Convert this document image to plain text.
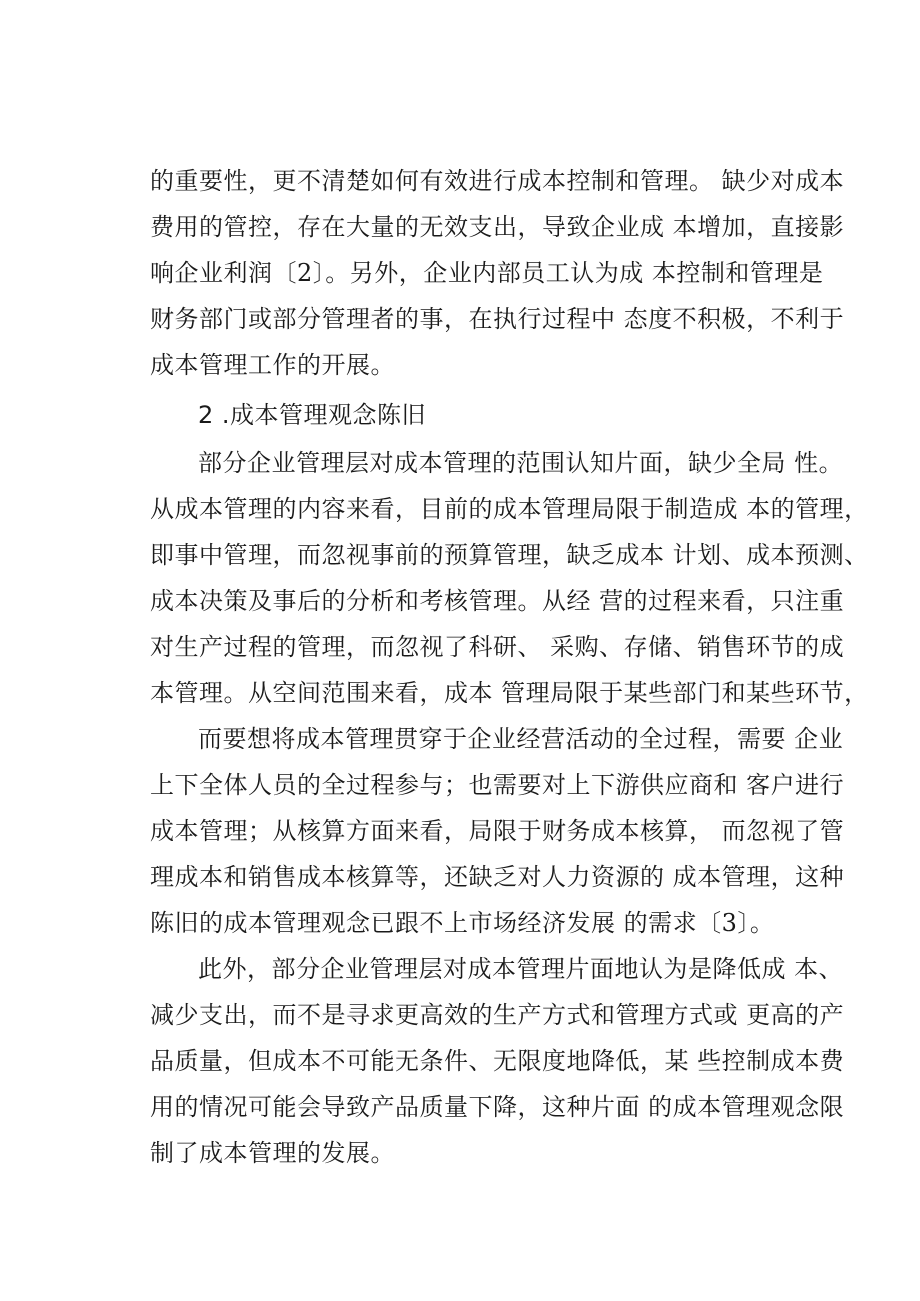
的重要性，更不清楚如何有效进行成本控制和管理。 缺少对成本
费用的管控，存在大量的无效支出，导致企业成 本增加，直接影
响企业利润〔2〕。另外，企业内部员工认为成 本控制和管理是
财务部门或部分管理者的事，在执行过程中 态度不积极，不利于
成本管理工作的开展。
2 .成本管理观念陈旧
部分企业管理层对成本管理的范围认知片面，缺少全局 性。
从成本管理的内容来看，目前的成本管理局限于制造成 本的管理，
即事中管理，而忽视事前的预算管理，缺乏成本 计划、成本预测、
成本决策及事后的分析和考核管理。从经 营的过程来看，只注重
对生产过程的管理，而忽视了科研、 采购、存储、销售环节的成
本管理。从空间范围来看，成本 管理局限于某些部门和某些环节，
而要想将成本管理贯穿于企业经营活动的全过程，需要 企业
上下全体人员的全过程参与；也需要对上下游供应商和 客户进行
成本管理；从核算方面来看，局限于财务成本核算， 而忽视了管
理成本和销售成本核算等，还缺乏对人力资源的 成本管理，这种
陈旧的成本管理观念已跟不上市场经济发展 的需求〔3〕。
此外，部分企业管理层对成本管理片面地认为是降低成 本、
减少支出，而不是寻求更高效的生产方式和管理方式或 更高的产
品质量，但成本不可能无条件、无限度地降低，某 些控制成本费
用的情况可能会导致产品质量下降，这种片面 的成本管理观念限
制了成本管理的发展。
